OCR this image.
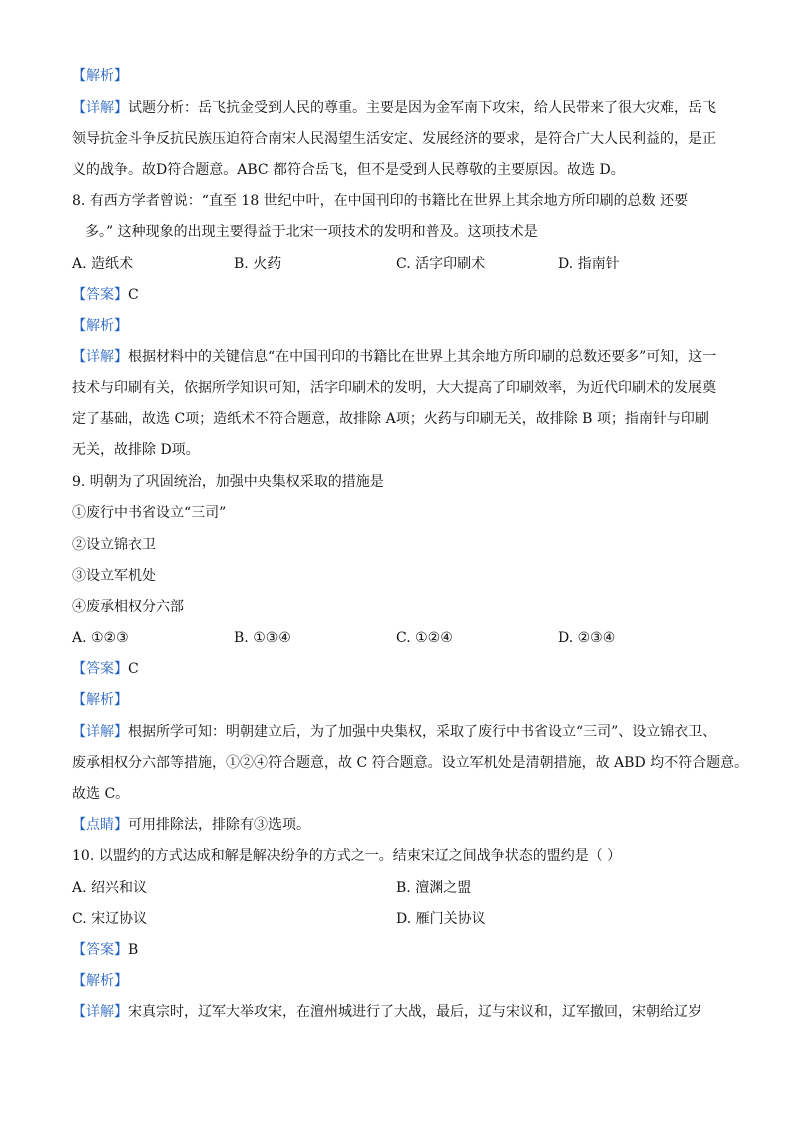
【解析】
【详解】试题分析：岳飞抗金受到人民的尊重。主要是因为金军南下攻宋，给人民带来了很大灾难，岳飞
领导抗金斗争反抗民族压迫符合南宋人民渴望生活安定、发展经济的要求，是符合广大人民利益的，是正
义的战争。故D符合题意。ABC 都符合岳飞，但不是受到人民尊敬的主要原因。故选 D。
8. 有西方学者曾说：“直至 18 世纪中叶，在中国刊印的书籍比在世界上其余地方所印刷的总数 还要
多。” 这种现象的出现主要得益于北宋一项技术的发明和普及。这项技术是
A. 造纸术	B. 火药	C. 活字印刷术	D. 指南针
【答案】C
【解析】
【详解】根据材料中的关键信息“在中国刊印的书籍比在世界上其余地方所印刷的总数还要多”可知，这一
技术与印刷有关，依据所学知识可知，活字印刷术的发明，大大提高了印刷效率，为近代印刷术的发展奠
定了基础，故选 C项；造纸术不符合题意，故排除 A项；火药与印刷无关，故排除 B 项；指南针与印刷
无关，故排除 D项。
9. 明朝为了巩固统治，加强中央集权采取的措施是
①废行中书省设立“三司”
②设立锦衣卫
③设立军机处
④废承相权分六部
A. ①②③	B. ①③④	C. ①②④	D. ②③④
【答案】C
【解析】
【详解】根据所学可知：明朝建立后，为了加强中央集权，采取了废行中书省设立“三司”、设立锦衣卫、
废承相权分六部等措施，①②④符合题意，故 C 符合题意。设立军机处是清朝措施，故 ABD 均不符合题意。
故选 C。
【点睛】可用排除法，排除有③选项。
10. 以盟约的方式达成和解是解决纷争的方式之一。结束宋辽之间战争状态的盟约是（ ）
A. 绍兴和议	B. 澶渊之盟
C. 宋辽协议	D. 雁门关协议
【答案】B
【解析】
【详解】宋真宗时，辽军大举攻宋，在澶州城进行了大战，最后，辽与宋议和，辽军撤回，宋朝给辽岁
